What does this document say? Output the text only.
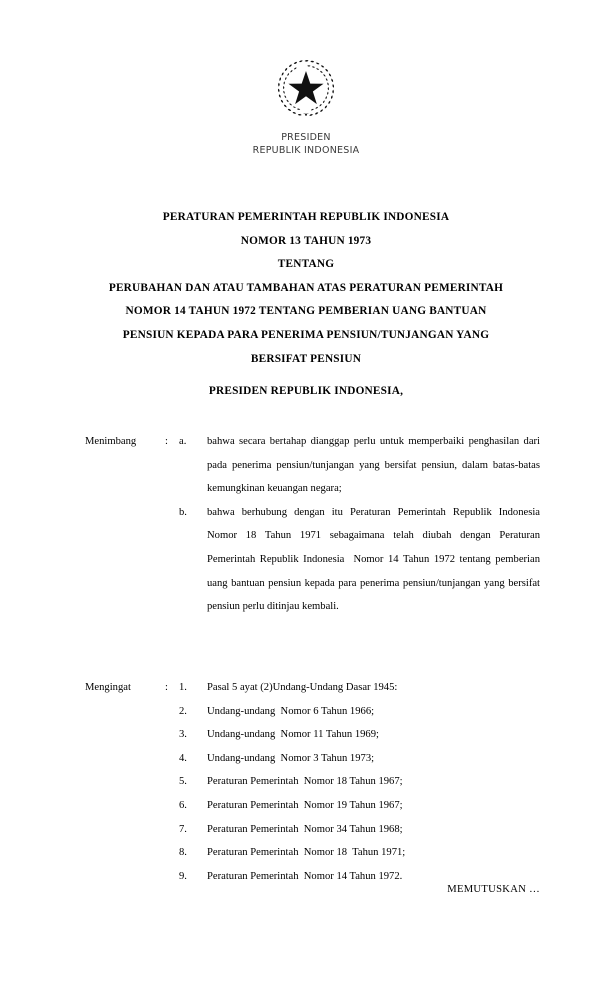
PRESIDEN
REPUBLIK INDONESIA
PERATURAN PEMERINTAH REPUBLIK INDONESIA
NOMOR 13 TAHUN 1973
TENTANG
PERUBAHAN DAN ATAU TAMBAHAN ATAS PERATURAN PEMERINTAH
NOMOR 14 TAHUN 1972 TENTANG PEMBERIAN UANG BANTUAN
PENSIUN KEPADA PARA PENERIMA PENSIUN/TUNJANGAN YANG
BERSIFAT PENSIUN
PRESIDEN REPUBLIK INDONESIA,
Menimbang	:	a.	bahwa secara bertahap dianggap perlu untuk memperbaiki penghasilan dari pada penerima pensiun/tunjangan yang bersifat pensiun, dalam batas-batas kemungkinan keuangan negara;
b.	bahwa berhubung dengan itu Peraturan Pemerintah Republik Indonesia  Nomor 18 Tahun 1971 sebagaimana telah diubah dengan Peraturan Pemerintah Republik Indonesia  Nomor 14 Tahun 1972 tentang pemberian uang bantuan pensiun kepada para penerima pensiun/tunjangan yang bersifat pensiun perlu ditinjau kembali.
Mengingat	:	1.	Pasal 5 ayat (2)Undang-Undang Dasar 1945:
2.	Undang-undang  Nomor 6 Tahun 1966;
3.	Undang-undang  Nomor 11 Tahun 1969;
4.	Undang-undang  Nomor 3 Tahun 1973;
5.	Peraturan Pemerintah  Nomor 18 Tahun 1967;
6.	Peraturan Pemerintah  Nomor 19 Tahun 1967;
7.	Peraturan Pemerintah  Nomor 34 Tahun 1968;
8.	Peraturan Pemerintah  Nomor 18  Tahun 1971;
9.	Peraturan Pemerintah  Nomor 14 Tahun 1972.
MEMUTUSKAN …
